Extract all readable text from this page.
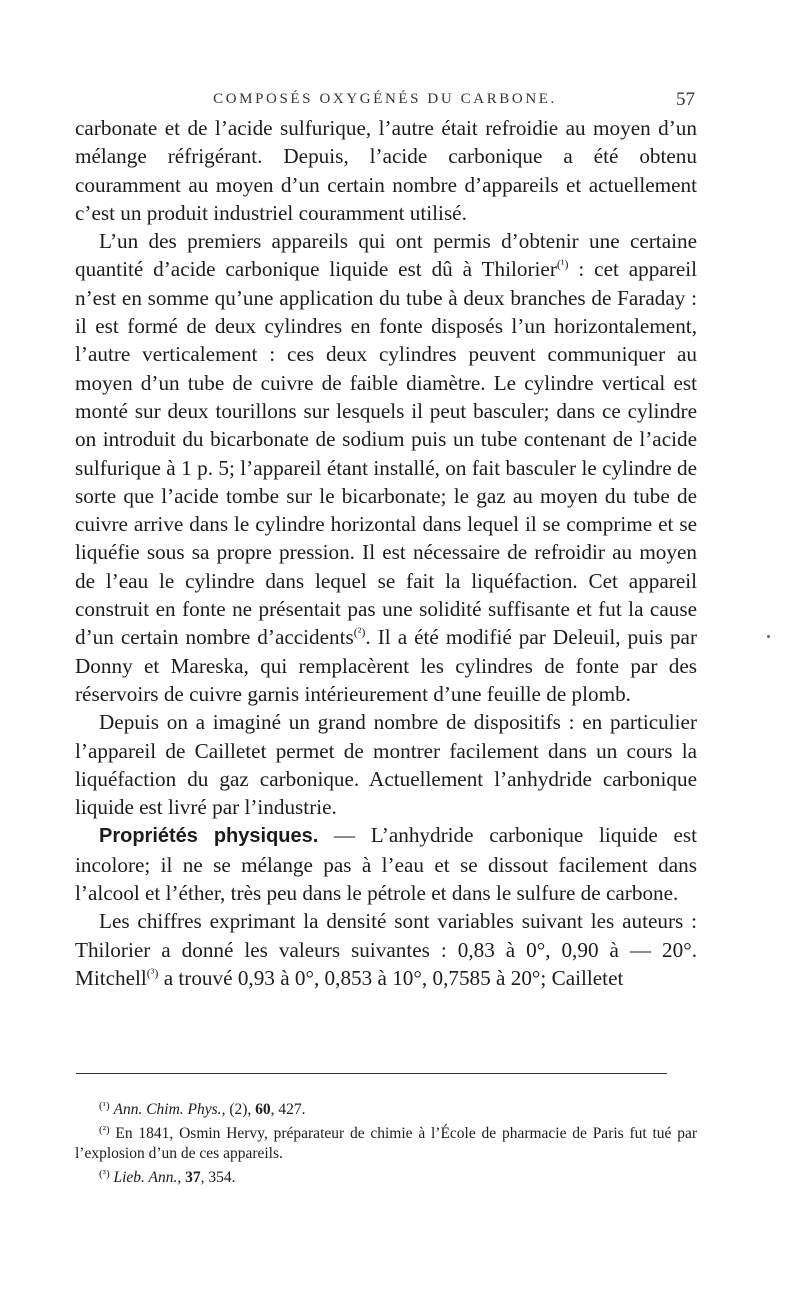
COMPOSÉS OXYGÉNÉS DU CARBONE.	57

carbonate et de l’acide sulfurique, l’autre était refroidie au moyen d’un mélange réfrigérant. Depuis, l’acide carbonique a été obtenu couramment au moyen d’un certain nombre d’appareils et actuellement c’est un produit industriel couramment utilisé.

L’un des premiers appareils qui ont permis d’obtenir une certaine quantité d’acide carbonique liquide est dû à Thilorier$^{(^1)}$ : cet appareil n’est en somme qu’une application du tube à deux branches de Faraday : il est formé de deux cylindres en fonte disposés l’un horizontalement, l’autre verticalement : ces deux cylindres peuvent communiquer au moyen d’un tube de cuivre de faible diamètre. Le cylindre vertical est monté sur deux tourillons sur lesquels il peut basculer; dans ce cylindre on introduit du bicarbonate de sodium puis un tube contenant de l’acide sulfurique à 1 p. 5; l’appareil étant installé, on fait basculer le cylindre de sorte que l’acide tombe sur le bicarbonate; le gaz au moyen du tube de cuivre arrive dans le cylindre horizontal dans lequel il se comprime et se liquéfie sous sa propre pression. Il est nécessaire de refroidir au moyen de l’eau le cylindre dans lequel se fait la liquéfaction. Cet appareil construit en fonte ne présentait pas une solidité suffisante et fut la cause d’un certain nombre d’accidents$^{(^2)}$. Il a été modifié par Deleuil, puis par Donny et Mareska, qui remplacèrent les cylindres de fonte par des réservoirs de cuivre garnis intérieurement d’une feuille de plomb.

Depuis on a imaginé un grand nombre de dispositifs : en particulier l’appareil de Cailletet permet de montrer facilement dans un cours la liquéfaction du gaz carbonique. Actuellement l’anhydride carbonique liquide est livré par l’industrie.

Propriétés physiques. — L’anhydride carbonique liquide est incolore; il ne se mélange pas à l’eau et se dissout facilement dans l’alcool et l’éther, très peu dans le pétrole et dans le sulfure de carbone.

Les chiffres exprimant la densité sont variables suivant les auteurs : Thilorier a donné les valeurs suivantes : 0,83 à 0°, 0,90 à — 20°. Mitchell$^{(^3)}$ a trouvé 0,93 à 0°, 0,853 à 10°, 0,7585 à 20°; Cailletet

$^{(^1)}$ Ann. Chim. Phys., (2), 60, 427.

$^{(^2)}$ En 1841, Osmin Hervy, préparateur de chimie à l’École de pharmacie de Paris fut tué par l’explosion d’un de ces appareils.

$^{(^3)}$ Lieb. Ann., 37, 354.
